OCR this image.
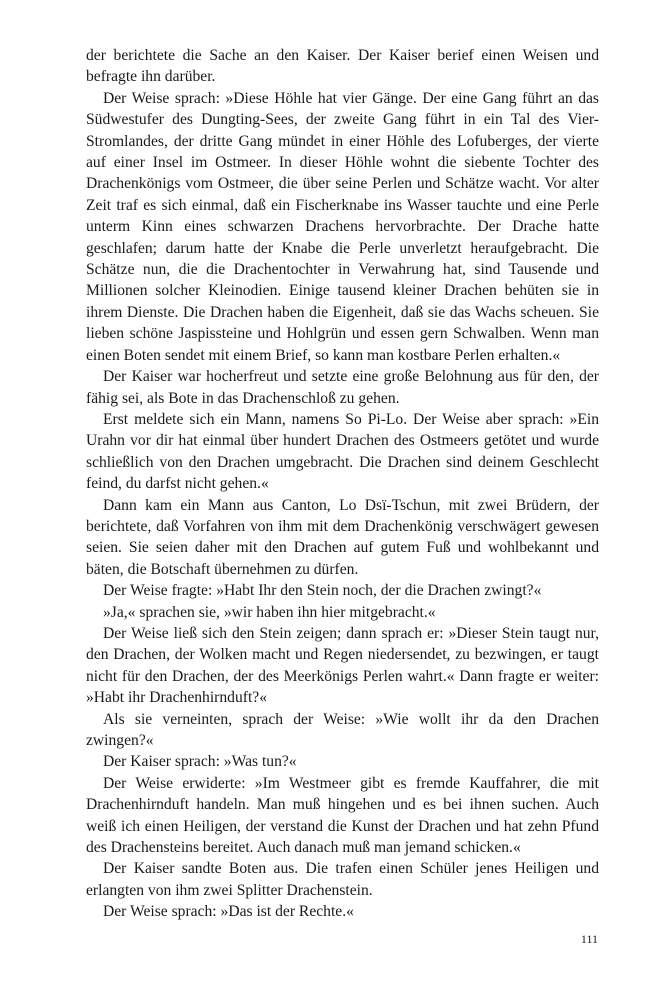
der berichtete die Sache an den Kaiser. Der Kaiser berief einen Weisen und befragte ihn darüber.

Der Weise sprach: »Diese Höhle hat vier Gänge. Der eine Gang führt an das Südwestufer des Dungting-Sees, der zweite Gang führt in ein Tal des Vier-Stromlandes, der dritte Gang mündet in einer Höhle des Lofuberges, der vierte auf einer Insel im Ostmeer. In dieser Höhle wohnt die siebente Tochter des Drachenkönigs vom Ostmeer, die über seine Perlen und Schätze wacht. Vor alter Zeit traf es sich einmal, daß ein Fischerknabe ins Wasser tauchte und eine Perle unterm Kinn eines schwarzen Drachens hervorbrachte. Der Drache hatte geschlafen; darum hatte der Knabe die Perle unverletzt heraufgebracht. Die Schätze nun, die die Drachentochter in Verwahrung hat, sind Tausende und Millionen solcher Kleinodien. Einige tausend kleiner Drachen behüten sie in ihrem Dienste. Die Drachen haben die Eigenheit, daß sie das Wachs scheuen. Sie lieben schöne Jaspissteine und Hohlgrün und essen gern Schwalben. Wenn man einen Boten sendet mit einem Brief, so kann man kostbare Perlen erhalten.«

Der Kaiser war hocherfreut und setzte eine große Belohnung aus für den, der fähig sei, als Bote in das Drachenschloß zu gehen.

Erst meldete sich ein Mann, namens So Pi-Lo. Der Weise aber sprach: »Ein Urahn vor dir hat einmal über hundert Drachen des Ostmeers getötet und wurde schließlich von den Drachen umgebracht. Die Drachen sind deinem Geschlecht feind, du darfst nicht gehen.«

Dann kam ein Mann aus Canton, Lo Dsï-Tschun, mit zwei Brüdern, der berichtete, daß Vorfahren von ihm mit dem Drachenkönig verschwägert gewesen seien. Sie seien daher mit den Drachen auf gutem Fuß und wohlbekannt und bäten, die Botschaft übernehmen zu dürfen.

Der Weise fragte: »Habt Ihr den Stein noch, der die Drachen zwingt?«

»Ja,« sprachen sie, »wir haben ihn hier mitgebracht.«

Der Weise ließ sich den Stein zeigen; dann sprach er: »Dieser Stein taugt nur, den Drachen, der Wolken macht und Regen niedersendet, zu bezwingen, er taugt nicht für den Drachen, der des Meerkönigs Perlen wahrt.« Dann fragte er weiter: »Habt ihr Drachenhirnduft?«

Als sie verneinten, sprach der Weise: »Wie wollt ihr da den Drachen zwingen?«

Der Kaiser sprach: »Was tun?«

Der Weise erwiderte: »Im Westmeer gibt es fremde Kauffahrer, die mit Drachenhirnduft handeln. Man muß hingehen und es bei ihnen suchen. Auch weiß ich einen Heiligen, der verstand die Kunst der Drachen und hat zehn Pfund des Drachensteins bereitet. Auch danach muß man jemand schicken.«

Der Kaiser sandte Boten aus. Die trafen einen Schüler jenes Heiligen und erlangten von ihm zwei Splitter Drachenstein.

Der Weise sprach: »Das ist der Rechte.«

111
